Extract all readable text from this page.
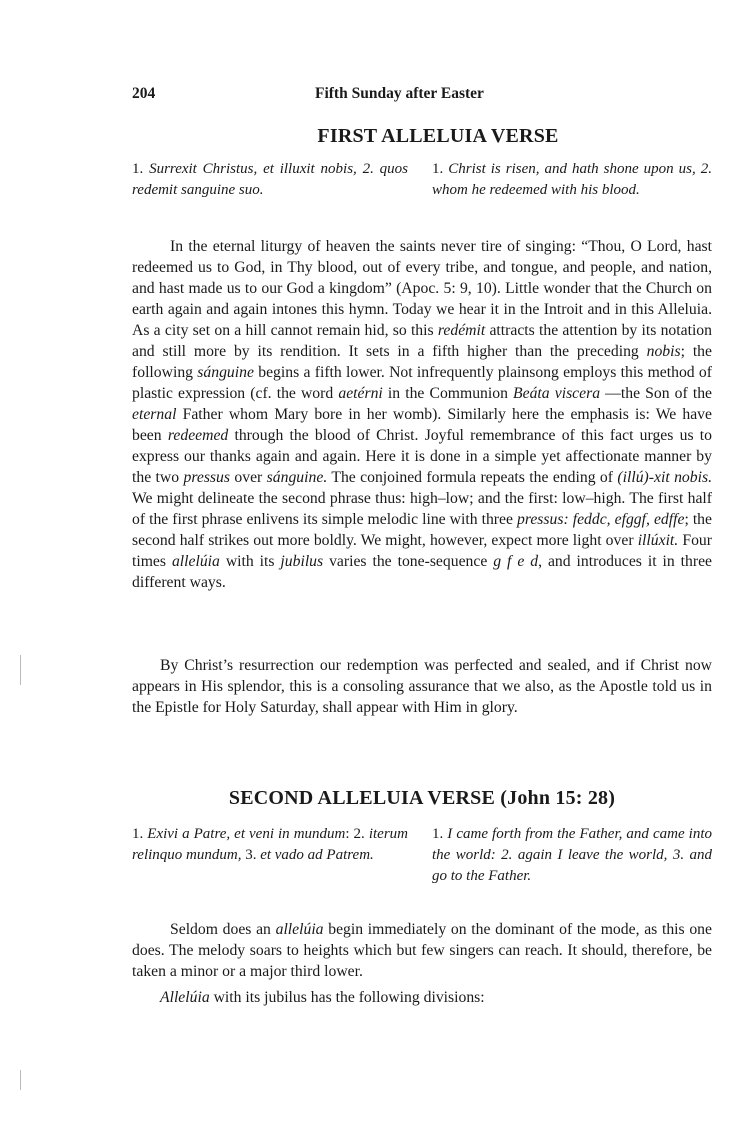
204	Fifth Sunday after Easter
FIRST ALLELUIA VERSE
1. Surrexit Christus, et illuxit nobis, 2. quos redemit sanguine suo.
1. Christ is risen, and hath shone upon us, 2. whom he redeemed with his blood.

In the eternal liturgy of heaven the saints never tire of singing: “Thou, O Lord, hast redeemed us to God, in Thy blood, out of every tribe, and tongue, and people, and nation, and hast made us to our God a kingdom” (Apoc. 5: 9, 10). Little wonder that the Church on earth again and again intones this hymn. Today we hear it in the Introit and in this Alleluia. As a city set on a hill cannot remain hid, so this redémit attracts the attention by its notation and still more by its rendition. It sets in a fifth higher than the preceding nobis; the following sánguine begins a fifth lower. Not infrequently plainsong employs this method of plastic expression (cf. the word aetérni in the Communion Beáta viscera —the Son of the eternal Father whom Mary bore in her womb). Similarly here the emphasis is: We have been redeemed through the blood of Christ. Joyful remembrance of this fact urges us to express our thanks again and again. Here it is done in a simple yet affectionate manner by the two pressus over sánguine. The conjoined formula repeats the ending of (illú)-xit nobis. We might delineate the second phrase thus: high–low; and the first: low–high. The first half of the first phrase enlivens its simple melodic line with three pressus: feddc, efggf, edffe; the second half strikes out more boldly. We might, however, expect more light over illúxit. Four times allelúia with its jubilus varies the tone-sequence g f e d, and introduces it in three different ways.

By Christ’s resurrection our redemption was perfected and sealed, and if Christ now appears in His splendor, this is a consoling assurance that we also, as the Apostle told us in the Epistle for Holy Saturday, shall appear with Him in glory.

SECOND ALLELUIA VERSE (John 15: 28)
1. Exivi a Patre, et veni in mundum: 2. iterum relinquo mundum, 3. et vado ad Patrem.
1. I came forth from the Father, and came into the world: 2. again I leave the world, 3. and go to the Father.

Seldom does an allelúia begin immediately on the dominant of the mode, as this one does. The melody soars to heights which but few singers can reach. It should, therefore, be taken a minor or a major third lower.

Allelúia with its jubilus has the following divisions:
